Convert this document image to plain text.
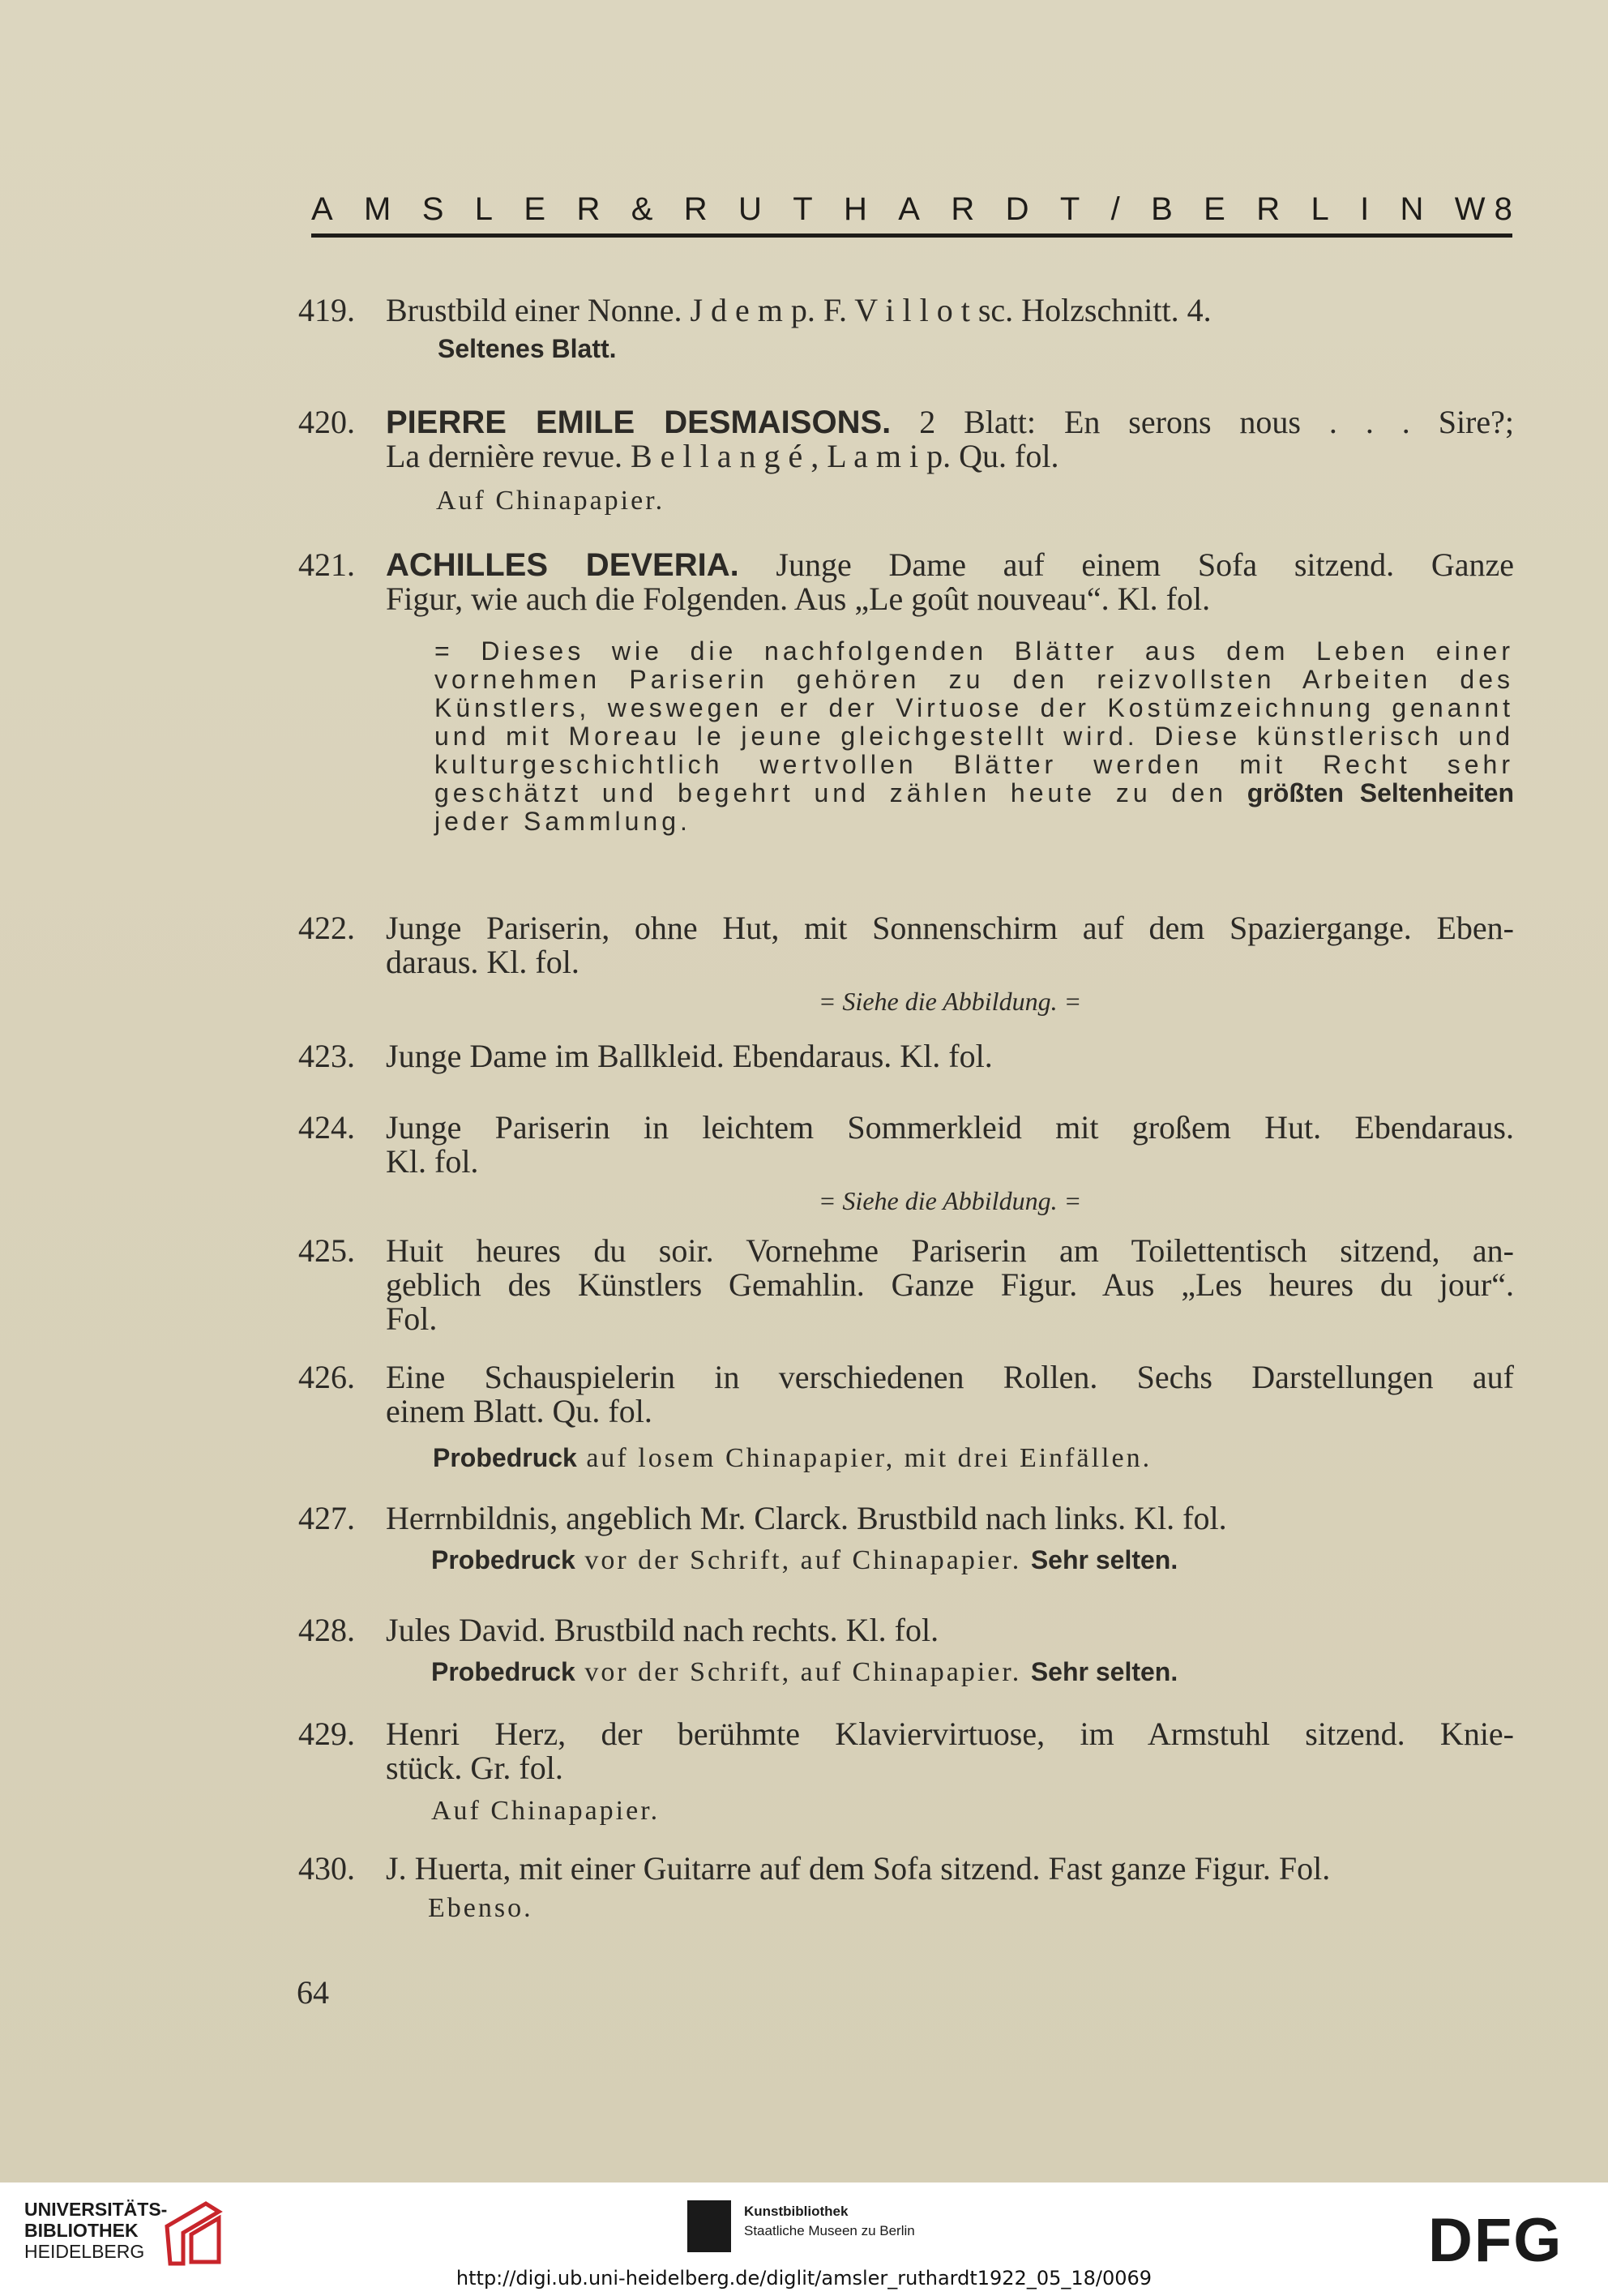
A M S L E R & R U T H A R D T / B E R L I N W 8
419. Brustbild einer Nonne. J d e m p. F. V i l l o t sc. Holzschnitt. 4.
Seltenes Blatt.
420. PIERRE EMILE DESMAISONS. 2 Blatt: En serons nous . . . Sire?;
La dernière revue. B e l l a n g é , L a m i p. Qu. fol.
Auf Chinapapier.
421. ACHILLES DEVERIA. Junge Dame auf einem Sofa sitzend. Ganze
Figur, wie auch die Folgenden. Aus „Le goût nouveau“. Kl. fol.
= Dieses wie die nachfolgenden Blätter aus dem Leben einer vornehmen Pariserin gehören zu den reizvollsten Arbeiten des Künstlers, weswegen er der Virtuose der Kostümzeichnung genannt und mit Moreau le jeune gleichgestellt wird. Diese künstlerisch und kulturgeschichtlich wertvollen Blätter werden mit Recht sehr geschätzt und begehrt und zählen heute zu den größten Seltenheiten jeder Sammlung.
422. Junge Pariserin, ohne Hut, mit Sonnenschirm auf dem Spaziergange. Eben-
daraus. Kl. fol.
= Siehe die Abbildung. =
423. Junge Dame im Ballkleid. Ebendaraus. Kl. fol.
424. Junge Pariserin in leichtem Sommerkleid mit großem Hut. Ebendaraus.
Kl. fol.
= Siehe die Abbildung. =
425. Huit heures du soir. Vornehme Pariserin am Toilettentisch sitzend, an-
geblich des Künstlers Gemahlin. Ganze Figur. Aus „Les heures du jour“.
Fol.
426. Eine Schauspielerin in verschiedenen Rollen. Sechs Darstellungen auf
einem Blatt. Qu. fol.
Probedruck auf losem Chinapapier, mit drei Einfällen.
427. Herrnbildnis, angeblich Mr. Clarck. Brustbild nach links. Kl. fol.
Probedruck vor der Schrift, auf Chinapapier. Sehr selten.
428. Jules David. Brustbild nach rechts. Kl. fol.
Probedruck vor der Schrift, auf Chinapapier. Sehr selten.
429. Henri Herz, der berühmte Klaviervirtuose, im Armstuhl sitzend. Knie-
stück. Gr. fol.
Auf Chinapapier.
430. J. Huerta, mit einer Guitarre auf dem Sofa sitzend. Fast ganze Figur. Fol.
Ebenso.
64
UNIVERSITÄTS-
BIBLIOTHEK
HEIDELBERG
Kunstbibliothek
Staatliche Museen zu Berlin	DFG
http://digi.ub.uni-heidelberg.de/diglit/amsler_ruthardt1922_05_18/0069
